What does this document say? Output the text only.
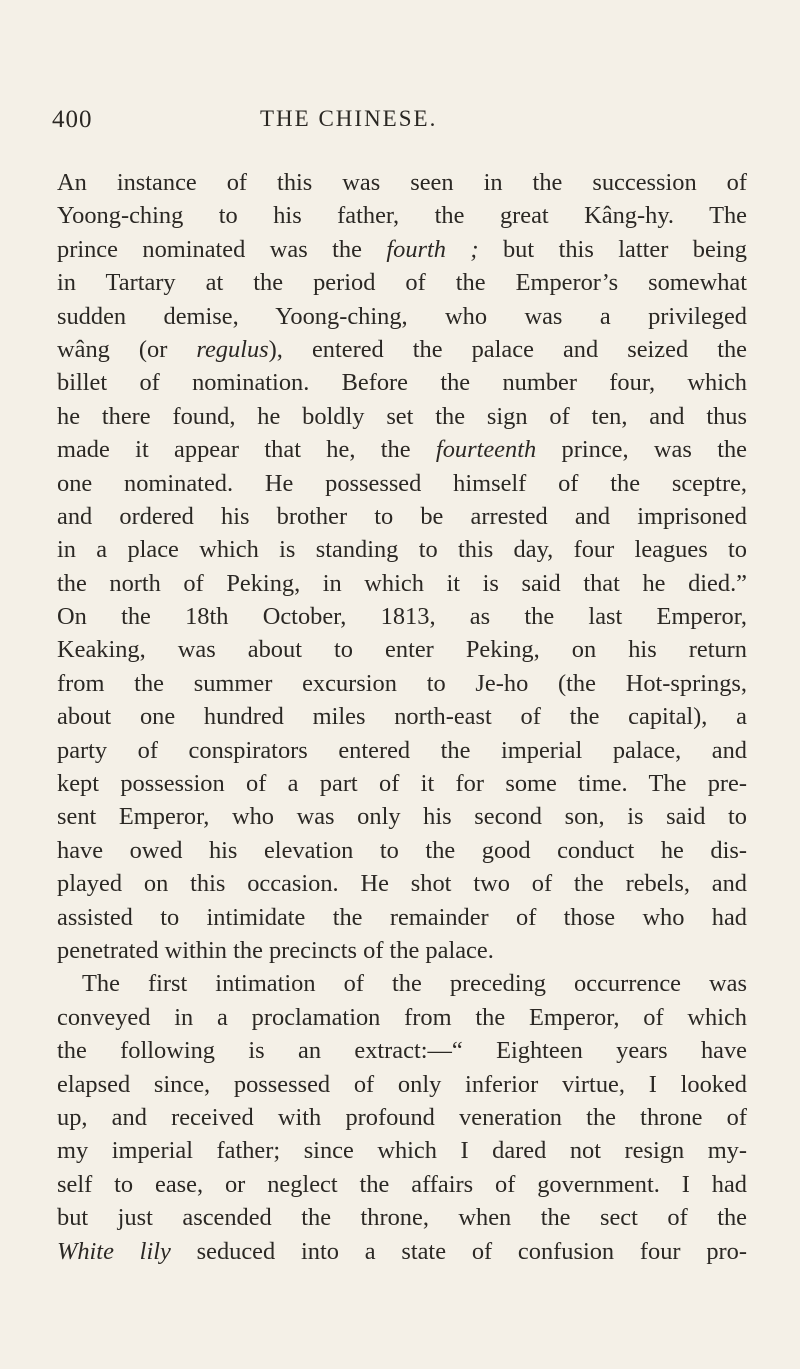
400	THE CHINESE.
An instance of this was seen in the succession of
Yoong-ching to his father, the great Kâng-hy. The
prince nominated was the fourth ; but this latter being
in Tartary at the period of the Emperor’s somewhat
sudden demise, Yoong-ching, who was a privileged
wâng (or regulus), entered the palace and seized the
billet of nomination. Before the number four, which
he there found, he boldly set the sign of ten, and thus
made it appear that he, the fourteenth prince, was the
one nominated. He possessed himself of the sceptre,
and ordered his brother to be arrested and imprisoned
in a place which is standing to this day, four leagues to
the north of Peking, in which it is said that he died.”
On the 18th October, 1813, as the last Emperor,
Keaking, was about to enter Peking, on his return
from the summer excursion to Je-ho (the Hot-springs,
about one hundred miles north-east of the capital), a
party of conspirators entered the imperial palace, and
kept possession of a part of it for some time. The pre-
sent Emperor, who was only his second son, is said to
have owed his elevation to the good conduct he dis-
played on this occasion. He shot two of the rebels, and
assisted to intimidate the remainder of those who had
penetrated within the precincts of the palace.
The first intimation of the preceding occurrence was
conveyed in a proclamation from the Emperor, of which
the following is an extract:—“ Eighteen years have
elapsed since, possessed of only inferior virtue, I looked
up, and received with profound veneration the throne of
my imperial father; since which I dared not resign my-
self to ease, or neglect the affairs of government. I had
but just ascended the throne, when the sect of the
White lily seduced into a state of confusion four pro-
